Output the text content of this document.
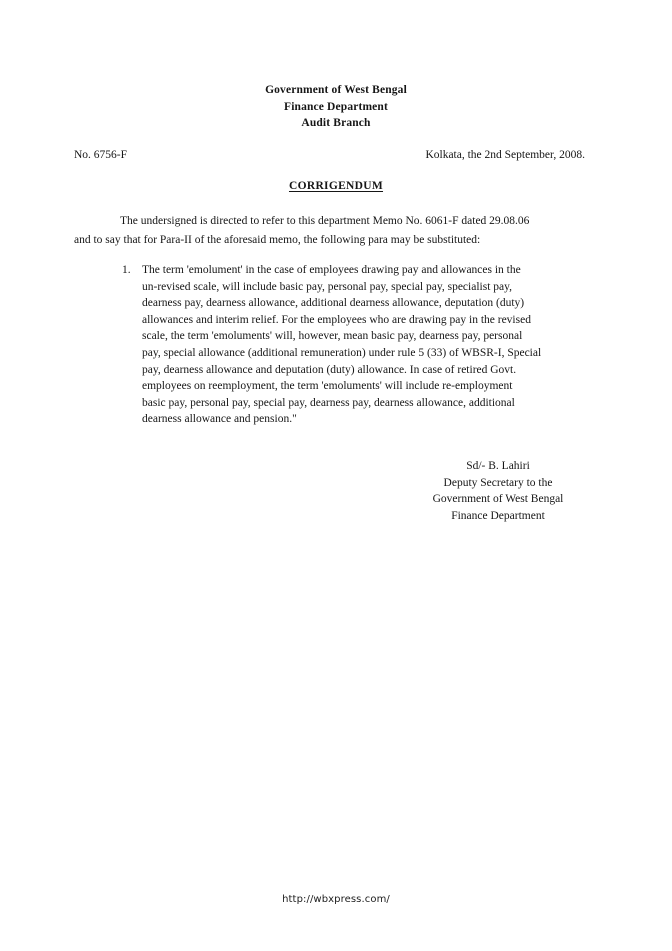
Government of West Bengal
Finance Department
Audit Branch
No. 6756-F	Kolkata, the 2nd September, 2008.
CORRIGENDUM
The undersigned is directed to refer to this department Memo No. 6061-F dated 29.08.06
and to say that for Para-II of the aforesaid memo, the following para may be substituted:
1. The term 'emolument' in the case of employees drawing pay and allowances in the
un-revised scale, will include basic pay, personal pay, special pay, specialist pay,
dearness pay, dearness allowance, additional dearness allowance, deputation (duty)
allowances and interim relief. For the employees who are drawing pay in the revised
scale, the term 'emoluments' will, however, mean basic pay, dearness pay, personal
pay, special allowance (additional remuneration) under rule 5 (33) of WBSR-I, Special
pay, dearness allowance and deputation (duty) allowance. In case of retired Govt.
employees on reemployment, the term 'emoluments' will include re-employment
basic pay, personal pay, special pay, dearness pay, dearness allowance, additional
dearness allowance and pension."
Sd/- B. Lahiri
Deputy Secretary to the
Government of West Bengal
Finance Department
http://wbxpress.com/
